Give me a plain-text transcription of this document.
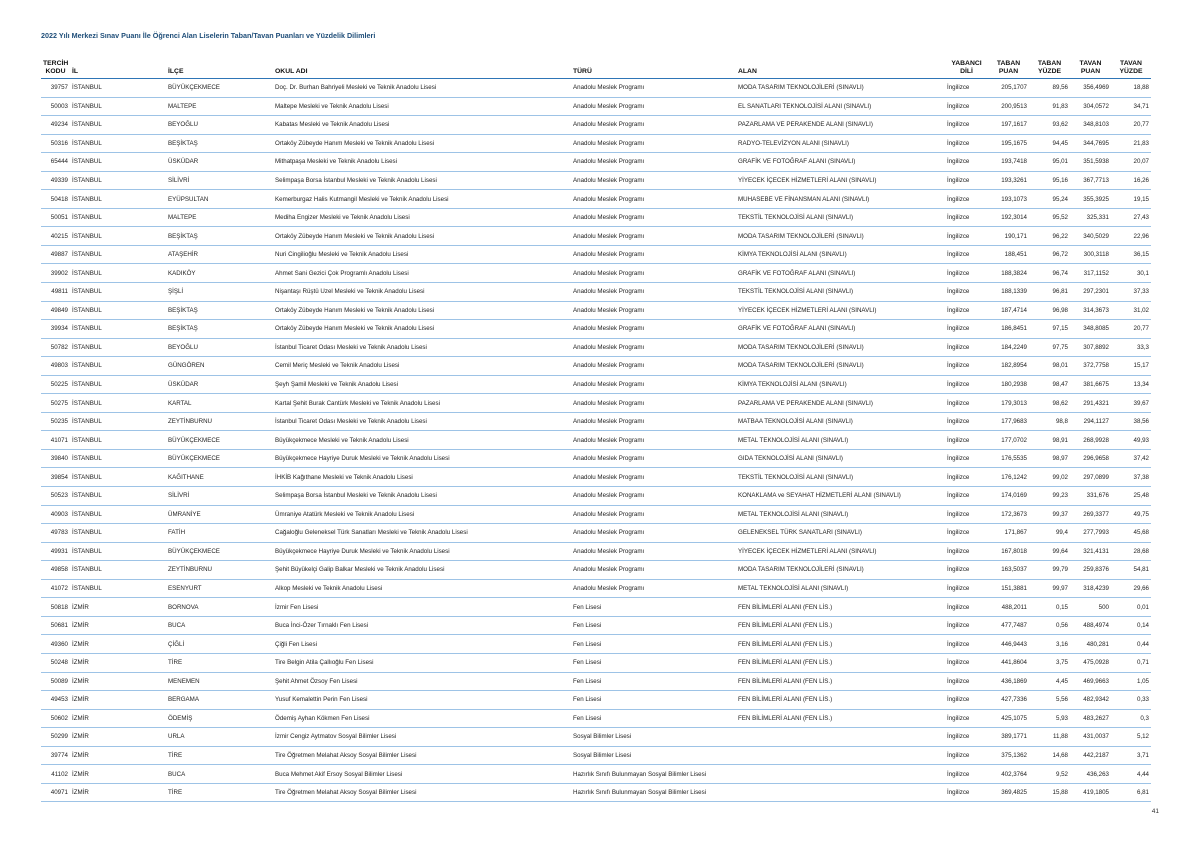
2022 Yılı Merkezi Sınav Puanı İle Öğrenci Alan Liselerin Taban/Tavan Puanları ve Yüzdelik Dilimleri
TERCİH KODU	İL	İLÇE	OKUL ADI	TÜRÜ	ALAN	YABANCI DİLİ	TABAN PUAN	TABAN YÜZDE	TAVAN PUAN	TAVAN YÜZDE
39757	İSTANBUL	BÜYÜKÇEKMECE	Doç. Dr. Burhan Bahriyeli Mesleki ve Teknik Anadolu Lisesi	Anadolu Meslek Programı	MODA TASARIM TEKNOLOJİLERİ (SINAVLI)	İngilizce	205,1707	89,56	356,4969	18,88
50003	İSTANBUL	MALTEPE	Maltepe Mesleki ve Teknik Anadolu Lisesi	Anadolu Meslek Programı	EL SANATLARI TEKNOLOJİSİ ALANI (SINAVLI)	İngilizce	200,9513	91,83	304,0572	34,71
49234	İSTANBUL	BEYOĞLU	Kabatas Mesleki ve Teknik Anadolu Lisesi	Anadolu Meslek Programı	PAZARLAMA VE PERAKENDE ALANI (SINAVLI)	İngilizce	197,1617	93,62	348,8103	20,77
50316	İSTANBUL	BEŞİKTAŞ	Ortaköy Zübeyde Hanım Mesleki ve Teknik Anadolu Lisesi	Anadolu Meslek Programı	RADYO-TELEVİZYON ALANI (SINAVLI)	İngilizce	195,1675	94,45	344,7695	21,83
65444	İSTANBUL	ÜSKÜDAR	Mithatpaşa Mesleki ve Teknik Anadolu Lisesi	Anadolu Meslek Programı	GRAFİK VE FOTOĞRAF ALANI (SINAVLI)	İngilizce	193,7418	95,01	351,5938	20,07
49339	İSTANBUL	SİLİVRİ	Selimpaşa Borsa İstanbul Mesleki ve Teknik Anadolu Lisesi	Anadolu Meslek Programı	YİYECEK İÇECEK HİZMETLERİ ALANI (SINAVLI)	İngilizce	193,3261	95,16	367,7713	16,26
50418	İSTANBUL	EYÜPSULTAN	Kemerburgaz Halis Kutmangil Mesleki ve Teknik Anadolu Lisesi	Anadolu Meslek Programı	MUHASEBE VE FİNANSMAN ALANI (SINAVLI)	İngilizce	193,1073	95,24	355,3925	19,15
50051	İSTANBUL	MALTEPE	Mediha Engizer Mesleki ve Teknik Anadolu Lisesi	Anadolu Meslek Programı	TEKSTİL TEKNOLOJİSİ ALANI (SINAVLI)	İngilizce	192,3014	95,52	325,331	27,43
40215	İSTANBUL	BEŞİKTAŞ	Ortaköy Zübeyde Hanım Mesleki ve Teknik Anadolu Lisesi	Anadolu Meslek Programı	MODA TASARIM TEKNOLOJİLERİ (SINAVLI)	İngilizce	190,171	96,22	340,5029	22,96
49887	İSTANBUL	ATAŞEHİR	Nuri Cingilioğlu Mesleki ve Teknik Anadolu Lisesi	Anadolu Meslek Programı	KİMYA TEKNOLOJİSİ ALANI (SINAVLI)	İngilizce	188,451	96,72	300,3118	36,15
39902	İSTANBUL	KADIKÖY	Ahmet Sani Gezici Çok Programlı Anadolu Lisesi	Anadolu Meslek Programı	GRAFİK VE FOTOĞRAF ALANI (SINAVLI)	İngilizce	188,3824	96,74	317,1152	30,1
49811	İSTANBUL	ŞİŞLİ	Nişantaşı Rüştü Uzel Mesleki ve Teknik Anadolu Lisesi	Anadolu Meslek Programı	TEKSTİL TEKNOLOJİSİ ALANI (SINAVLI)	İngilizce	188,1339	96,81	297,2301	37,33
49849	İSTANBUL	BEŞİKTAŞ	Ortaköy Zübeyde Hanım Mesleki ve Teknik Anadolu Lisesi	Anadolu Meslek Programı	YİYECEK İÇECEK HİZMETLERİ ALANI (SINAVLI)	İngilizce	187,4714	96,98	314,3673	31,02
39934	İSTANBUL	BEŞİKTAŞ	Ortaköy Zübeyde Hanım Mesleki ve Teknik Anadolu Lisesi	Anadolu Meslek Programı	GRAFİK VE FOTOĞRAF ALANI (SINAVLI)	İngilizce	186,8451	97,15	348,8085	20,77
50782	İSTANBUL	BEYOĞLU	İstanbul Ticaret Odası Mesleki ve Teknik Anadolu Lisesi	Anadolu Meslek Programı	MODA TASARIM TEKNOLOJİLERİ (SINAVLI)	İngilizce	184,2249	97,75	307,8892	33,3
49803	İSTANBUL	GÜNGÖREN	Cemil Meriç Mesleki ve Teknik Anadolu Lisesi	Anadolu Meslek Programı	MODA TASARIM TEKNOLOJİLERİ (SINAVLI)	İngilizce	182,8954	98,01	372,7758	15,17
50225	İSTANBUL	ÜSKÜDAR	Şeyh Şamil Mesleki ve Teknik Anadolu Lisesi	Anadolu Meslek Programı	KİMYA TEKNOLOJİSİ ALANI (SINAVLI)	İngilizce	180,2938	98,47	381,6675	13,34
50275	İSTANBUL	KARTAL	Kartal Şehit Burak Cantürk Mesleki ve Teknik Anadolu Lisesi	Anadolu Meslek Programı	PAZARLAMA VE PERAKENDE ALANI (SINAVLI)	İngilizce	179,3013	98,62	291,4321	39,67
50235	İSTANBUL	ZEYTİNBURNU	İstanbul Ticaret Odası Mesleki ve Teknik Anadolu Lisesi	Anadolu Meslek Programı	MATBAA TEKNOLOJİSİ ALANI (SINAVLI)	İngilizce	177,9683	98,8	294,1127	38,56
41071	İSTANBUL	BÜYÜKÇEKMECE	Büyükçekmece Mesleki ve Teknik Anadolu Lisesi	Anadolu Meslek Programı	METAL TEKNOLOJİSİ ALANI (SINAVLI)	İngilizce	177,0702	98,91	268,9928	49,93
39840	İSTANBUL	BÜYÜKÇEKMECE	Büyükçekmece Hayriye Duruk Mesleki ve Teknik Anadolu Lisesi	Anadolu Meslek Programı	GIDA TEKNOLOJİSİ ALANI (SINAVLI)	İngilizce	176,5535	98,97	296,9658	37,42
39854	İSTANBUL	KAĞITHANE	İHKİB Kağıthane Mesleki ve Teknik Anadolu Lisesi	Anadolu Meslek Programı	TEKSTİL TEKNOLOJİSİ ALANI (SINAVLI)	İngilizce	176,1242	99,02	297,0899	37,38
50523	İSTANBUL	SİLİVRİ	Selimpaşa Borsa İstanbul Mesleki ve Teknik Anadolu Lisesi	Anadolu Meslek Programı	KONAKLAMA ve SEYAHAT HİZMETLERİ ALANI (SINAVLI)	İngilizce	174,0169	99,23	331,676	25,48
40903	İSTANBUL	ÜMRANİYE	Ümraniye Atatürk Mesleki ve Teknik Anadolu Lisesi	Anadolu Meslek Programı	METAL TEKNOLOJİSİ ALANI (SINAVLI)	İngilizce	172,3673	99,37	269,3377	49,75
49783	İSTANBUL	FATİH	Cağaloğlu Geleneksel Türk Sanatları Mesleki ve Teknik Anadolu Lisesi	Anadolu Meslek Programı	GELENEKSEL TÜRK SANATLARI (SINAVLI)	İngilizce	171,867	99,4	277,7993	45,68
49931	İSTANBUL	BÜYÜKÇEKMECE	Büyükçekmece Hayriye Duruk Mesleki ve Teknik Anadolu Lisesi	Anadolu Meslek Programı	YİYECEK İÇECEK HİZMETLERİ ALANI (SINAVLI)	İngilizce	167,8018	99,64	321,4131	28,68
49858	İSTANBUL	ZEYTİNBURNU	Şehit Büyükelçi Galip Balkar Mesleki ve Teknik Anadolu Lisesi	Anadolu Meslek Programı	MODA TASARIM TEKNOLOJİLERİ (SINAVLI)	İngilizce	163,5037	99,79	259,8376	54,81
41072	İSTANBUL	ESENYURT	Alkop Mesleki ve Teknik Anadolu Lisesi	Anadolu Meslek Programı	METAL TEKNOLOJİSİ ALANI (SINAVLI)	İngilizce	151,3881	99,97	318,4239	29,66
50818	İZMİR	BORNOVA	İzmir Fen Lisesi	Fen Lisesi	FEN BİLİMLERİ ALANI (FEN LİS.)	İngilizce	488,2011	0,15	500	0,01
50681	İZMİR	BUCA	Buca İnci-Özer Tırnaklı Fen Lisesi	Fen Lisesi	FEN BİLİMLERİ ALANI (FEN LİS.)	İngilizce	477,7487	0,56	488,4974	0,14
49360	İZMİR	ÇİĞLİ	Çiğli Fen Lisesi	Fen Lisesi	FEN BİLİMLERİ ALANI (FEN LİS.)	İngilizce	446,9443	3,16	480,281	0,44
50248	İZMİR	TİRE	Tire Belgin Atila Çallıoğlu Fen Lisesi	Fen Lisesi	FEN BİLİMLERİ ALANI (FEN LİS.)	İngilizce	441,8604	3,75	475,0928	0,71
50089	İZMİR	MENEMEN	Şehit Ahmet Özsoy Fen Lisesi	Fen Lisesi	FEN BİLİMLERİ ALANI (FEN LİS.)	İngilizce	436,1869	4,45	469,9663	1,05
49453	İZMİR	BERGAMA	Yusuf Kemalettin Perin Fen Lisesi	Fen Lisesi	FEN BİLİMLERİ ALANI (FEN LİS.)	İngilizce	427,7336	5,56	482,9342	0,33
50602	İZMİR	ÖDEMİŞ	Ödemiş Ayhan Kökmen Fen Lisesi	Fen Lisesi	FEN BİLİMLERİ ALANI (FEN LİS.)	İngilizce	425,1075	5,93	483,2627	0,3
50299	İZMİR	URLA	İzmir Cengiz Aytmatov Sosyal Bilimler Lisesi	Sosyal Bilimler Lisesi		İngilizce	389,1771	11,88	431,0037	5,12
39774	İZMİR	TİRE	Tire Öğretmen Melahat Aksoy Sosyal Bilimler Lisesi	Sosyal Bilimler Lisesi		İngilizce	375,1362	14,68	442,2187	3,71
41102	İZMİR	BUCA	Buca Mehmet Akif Ersoy Sosyal Bilimler Lisesi	Hazırlık Sınıfı Bulunmayan Sosyal Bilimler Lisesi		İngilizce	402,3764	9,52	436,263	4,44
40971	İZMİR	TİRE	Tire Öğretmen Melahat Aksoy Sosyal Bilimler Lisesi	Hazırlık Sınıfı Bulunmayan Sosyal Bilimler Lisesi		İngilizce	369,4825	15,88	419,1805	6,81
41
